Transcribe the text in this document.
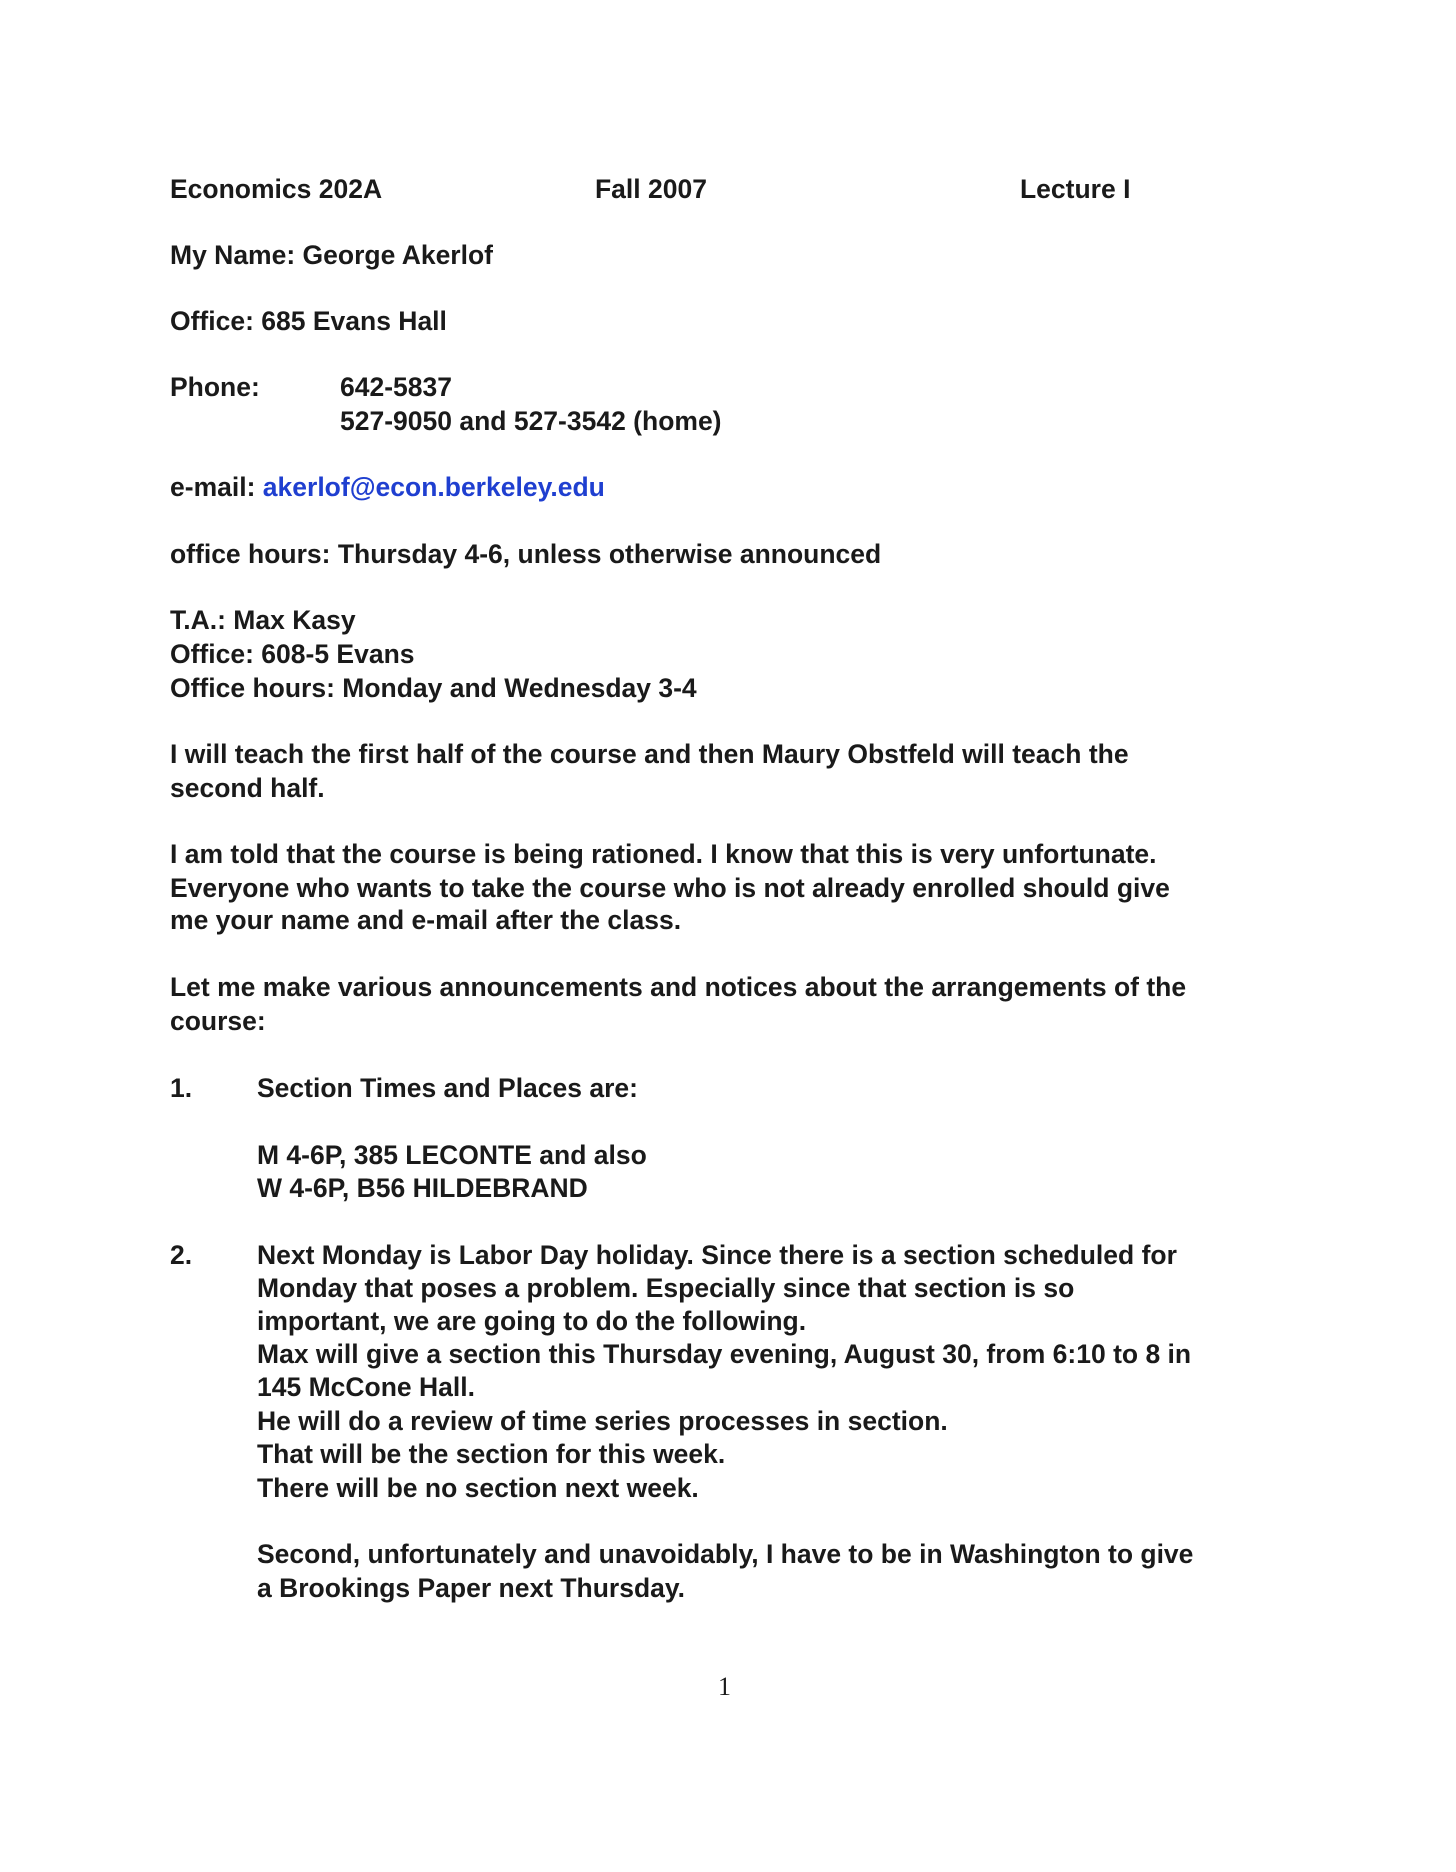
Economics 202A	Fall 2007	Lecture I
My Name: George Akerlof
Office: 685 Evans Hall
Phone:	642-5837
527-9050 and 527-3542 (home)
e-mail: akerlof@econ.berkeley.edu
office hours: Thursday 4-6, unless otherwise announced
T.A.: Max Kasy
Office: 608-5 Evans
Office hours: Monday and Wednesday 3-4
I will teach the first half of the course and then Maury Obstfeld will teach the
second half.
I am told that the course is being rationed. I know that this is very unfortunate.
Everyone who wants to take the course who is not already enrolled should give
me your name and e-mail after the class.
Let me make various announcements and notices about the arrangements of the
course:
1. Section Times and Places are:
M 4-6P, 385 LECONTE and also
W 4-6P, B56 HILDEBRAND
2. Next Monday is Labor Day holiday. Since there is a section scheduled for
Monday that poses a problem. Especially since that section is so
important, we are going to do the following.
Max will give a section this Thursday evening, August 30, from 6:10 to 8 in
145 McCone Hall.
He will do a review of time series processes in section.
That will be the section for this week.
There will be no section next week.
Second, unfortunately and unavoidably, I have to be in Washington to give
a Brookings Paper next Thursday.
1
